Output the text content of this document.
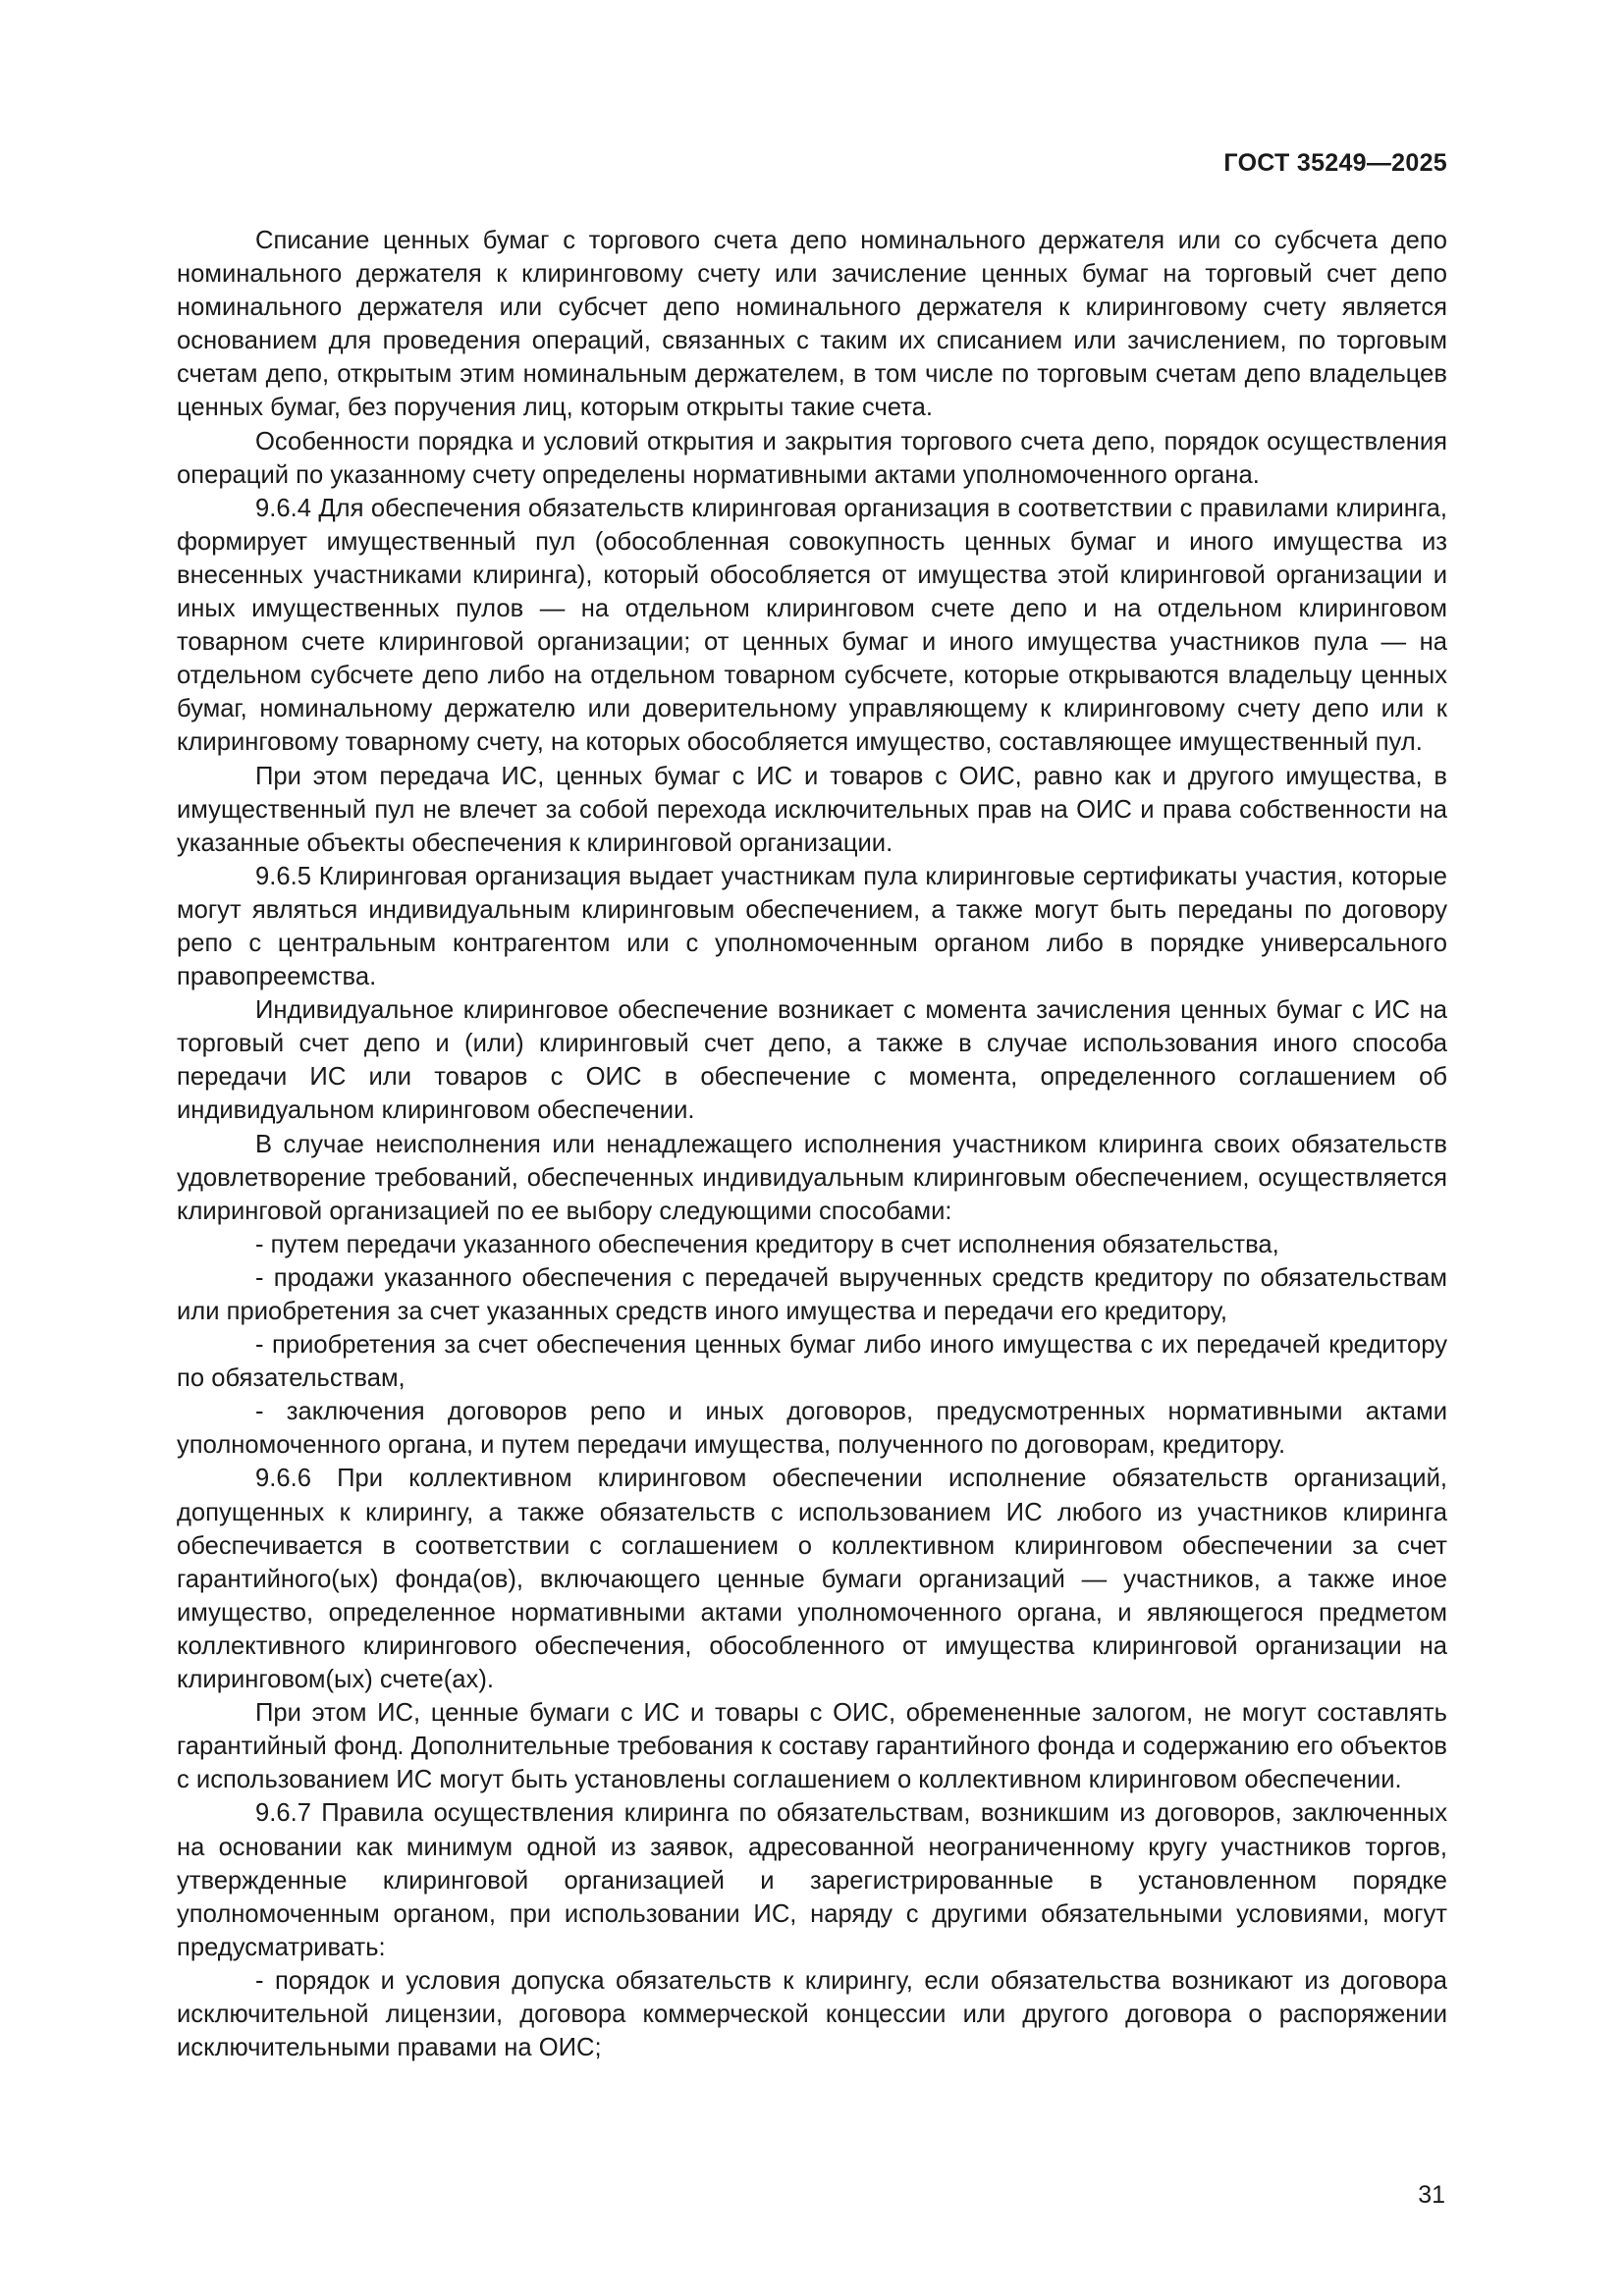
ГОСТ 35249—2025

Списание ценных бумаг с торгового счета депо номинального держателя или со субсчета депо номинального держателя к клиринговому счету или зачисление ценных бумаг на торговый счет депо номинального держателя или субсчет депо номинального держателя к клиринговому счету является основанием для проведения операций, связанных с таким их списанием или зачислением, по торговым счетам депо, открытым этим номинальным держателем, в том числе по торговым счетам депо владельцев ценных бумаг, без поручения лиц, которым открыты такие счета.

Особенности порядка и условий открытия и закрытия торгового счета депо, порядок осуществления операций по указанному счету определены нормативными актами уполномоченного органа.

9.6.4 Для обеспечения обязательств клиринговая организация в соответствии с правилами клиринга, формирует имущественный пул (обособленная совокупность ценных бумаг и иного имущества из внесенных участниками клиринга), который обособляется от имущества этой клиринговой организации и иных имущественных пулов — на отдельном клиринговом счете депо и на отдельном клиринговом товарном счете клиринговой организации; от ценных бумаг и иного имущества участников пула — на отдельном субсчете депо либо на отдельном товарном субсчете, которые открываются владельцу ценных бумаг, номинальному держателю или доверительному управляющему к клиринговому счету депо или к клиринговому товарному счету, на которых обособляется имущество, составляющее имущественный пул.

При этом передача ИС, ценных бумаг с ИС и товаров с ОИС, равно как и другого имущества, в имущественный пул не влечет за собой перехода исключительных прав на ОИС и права собственности на указанные объекты обеспечения к клиринговой организации.

9.6.5 Клиринговая организация выдает участникам пула клиринговые сертификаты участия, которые могут являться индивидуальным клиринговым обеспечением, а также могут быть переданы по договору репо с центральным контрагентом или с уполномоченным органом либо в порядке универсального правопреемства.

Индивидуальное клиринговое обеспечение возникает с момента зачисления ценных бумаг с ИС на торговый счет депо и (или) клиринговый счет депо, а также в случае использования иного способа передачи ИС или товаров с ОИС в обеспечение с момента, определенного соглашением об индивидуальном клиринговом обеспечении.

В случае неисполнения или ненадлежащего исполнения участником клиринга своих обязательств удовлетворение требований, обеспеченных индивидуальным клиринговым обеспечением, осуществляется клиринговой организацией по ее выбору следующими способами:

- путем передачи указанного обеспечения кредитору в счет исполнения обязательства,

- продажи указанного обеспечения с передачей вырученных средств кредитору по обязательствам или приобретения за счет указанных средств иного имущества и передачи его кредитору,

- приобретения за счет обеспечения ценных бумаг либо иного имущества с их передачей кредитору по обязательствам,

- заключения договоров репо и иных договоров, предусмотренных нормативными актами уполномоченного органа, и путем передачи имущества, полученного по договорам, кредитору.

9.6.6 При коллективном клиринговом обеспечении исполнение обязательств организаций, допущенных к клирингу, а также обязательств с использованием ИС любого из участников клиринга обеспечивается в соответствии с соглашением о коллективном клиринговом обеспечении за счет гарантийного(ых) фонда(ов), включающего ценные бумаги организаций — участников, а также иное имущество, определенное нормативными актами уполномоченного органа, и являющегося предметом коллективного клирингового обеспечения, обособленного от имущества клиринговой организации на клиринговом(ых) счете(ах).

При этом ИС, ценные бумаги с ИС и товары с ОИС, обремененные залогом, не могут составлять гарантийный фонд. Дополнительные требования к составу гарантийного фонда и содержанию его объектов с использованием ИС могут быть установлены соглашением о коллективном клиринговом обеспечении.

9.6.7 Правила осуществления клиринга по обязательствам, возникшим из договоров, заключенных на основании как минимум одной из заявок, адресованной неограниченному кругу участников торгов, утвержденные клиринговой организацией и зарегистрированные в установленном порядке уполномоченным органом, при использовании ИС, наряду с другими обязательными условиями, могут предусматривать:

- порядок и условия допуска обязательств к клирингу, если обязательства возникают из договора исключительной лицензии, договора коммерческой концессии или другого договора о распоряжении исключительными правами на ОИС;

31
